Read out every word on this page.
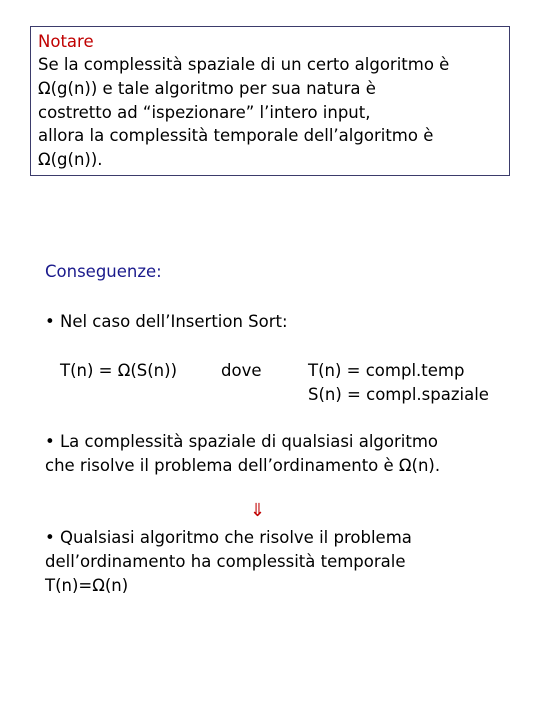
Notare
Se la complessità spaziale di un certo algoritmo è
Ω(g(n)) e tale algoritmo per sua natura è
costretto ad “ispezionare” l’intero input,
allora la complessità temporale dell’algoritmo è
Ω(g(n)).
Conseguenze:
• Nel caso dell’Insertion Sort:
T(n) = Ω(S(n))	dove	T(n) = compl.temp
S(n) = compl.spaziale
• La complessità spaziale di qualsiasi algoritmo
che risolve il problema dell’ordinamento è Ω(n).
⇓
• Qualsiasi algoritmo che risolve il problema
dell’ordinamento ha complessità temporale
T(n)=Ω(n)
